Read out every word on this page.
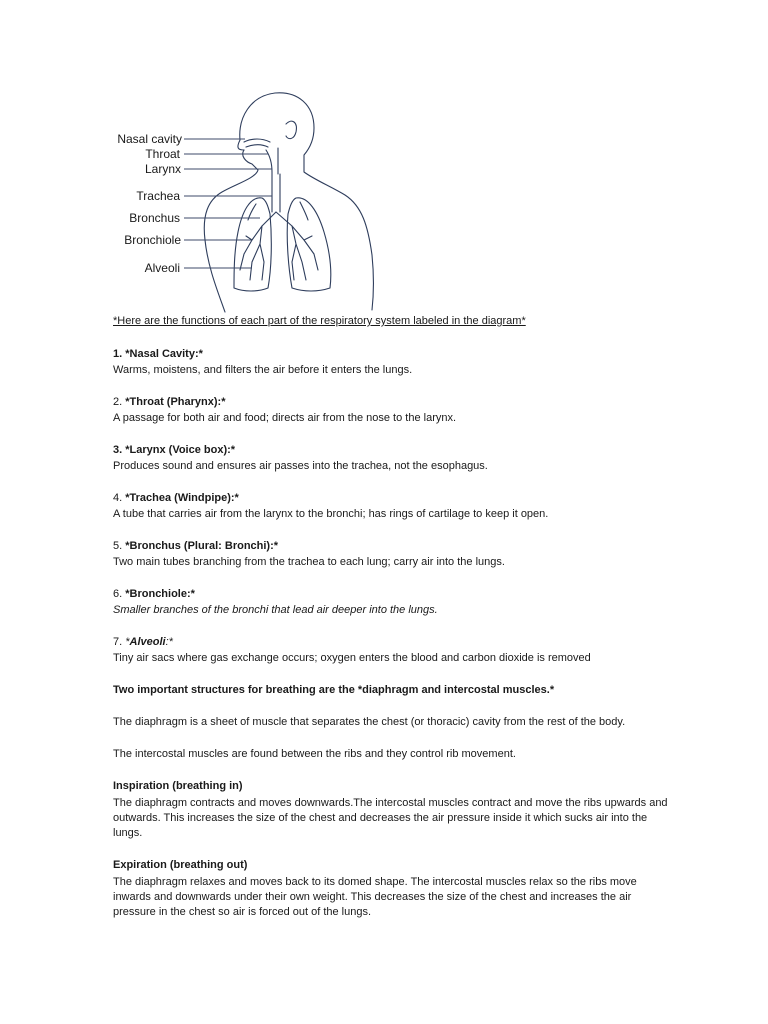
Nasal cavity
Throat
Larynx
Trachea
Bronchus
Bronchiole
Alveoli

*Here are the functions of each part of the respiratory system labeled in the diagram*

1. *Nasal Cavity:*

Warms, moistens, and filters the air before it enters the lungs.

2. *Throat (Pharynx):*

A passage for both air and food; directs air from the nose to the larynx.

3. *Larynx (Voice box):*

Produces sound and ensures air passes into the trachea, not the esophagus.

4. *Trachea (Windpipe):*

A tube that carries air from the larynx to the bronchi; has rings of cartilage to keep it open.

5. *Bronchus (Plural: Bronchi):*

Two main tubes branching from the trachea to each lung; carry air into the lungs.

6. *Bronchiole:*

Smaller branches of the bronchi that lead air deeper into the lungs.

7. *Alveoli:*

Tiny air sacs where gas exchange occurs; oxygen enters the blood and carbon dioxide is removed

Two important structures for breathing are the *diaphragm and intercostal muscles.*

The diaphragm is a sheet of muscle that separates the chest (or thoracic) cavity from the rest of the body.

The intercostal muscles are found between the ribs and they control rib movement.

Inspiration (breathing in)

The diaphragm contracts and moves downwards.The intercostal muscles contract and move the ribs upwards and outwards. This increases the size of the chest and decreases the air pressure inside it which sucks air into the lungs.

Expiration (breathing out)

The diaphragm relaxes and moves back to its domed shape. The intercostal muscles relax so the ribs move inwards and downwards under their own weight. This decreases the size of the chest and increases the air pressure in the chest so air is forced out of the lungs.
